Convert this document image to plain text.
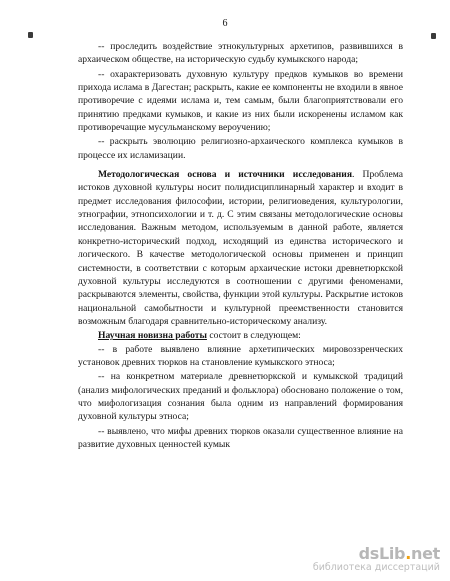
6

-- проследить воздействие этнокультурных архетипов, развившихся в архаическом обществе, на историческую судьбу кумыкского народа;

-- охарактеризовать духовную культуру предков кумыков во времени прихода ислама в Дагестан; раскрыть, какие ее компоненты не входили в явное противоречие с идеями ислама и, тем самым, были благоприятствовали его принятию предками кумыков, и какие из них были искоренены исламом как противоречащие мусульманскому вероучению;

-- раскрыть эволюцию религиозно-архаического комплекса кумыков в процессе их исламизации.

Методологическая основа и источники исследования. Проблема истоков духовной культуры носит полидисциплинарный характер и входит в предмет исследования философии, истории, религиоведения, культурологии, этнографии, этнопсихологии и т. д. С этим связаны методологические основы исследования. Важным методом, используемым в данной работе, является конкретно-исторический подход, исходящий из единства исторического и логического. В качестве методологической основы применен и принцип системности, в соответствии с которым архаические истоки древнетюркской духовной культуры исследуются в соотношении с другими феноменами, раскрываются элементы, свойства, функции этой культуры. Раскрытие истоков национальной самобытности и культурной преемственности становится возможным благодаря сравнительно-историческому анализу.

Научная новизна работы состоит в следующем:

-- в работе выявлено влияние архетипических мировоззренческих установок древних тюрков на становление кумыкского этноса;

-- на конкретном материале древнетюркской и кумыкской традиций (анализ мифологических преданий и фольклора) обосновано положение о том, что мифологизация сознания была одним из направлений формирования духовной культуры этноса;

-- выявлено, что мифы древних тюрков оказали существенное влияние на развитие духовных ценностей кумык

dsLib.net
библиотека диссертаций
